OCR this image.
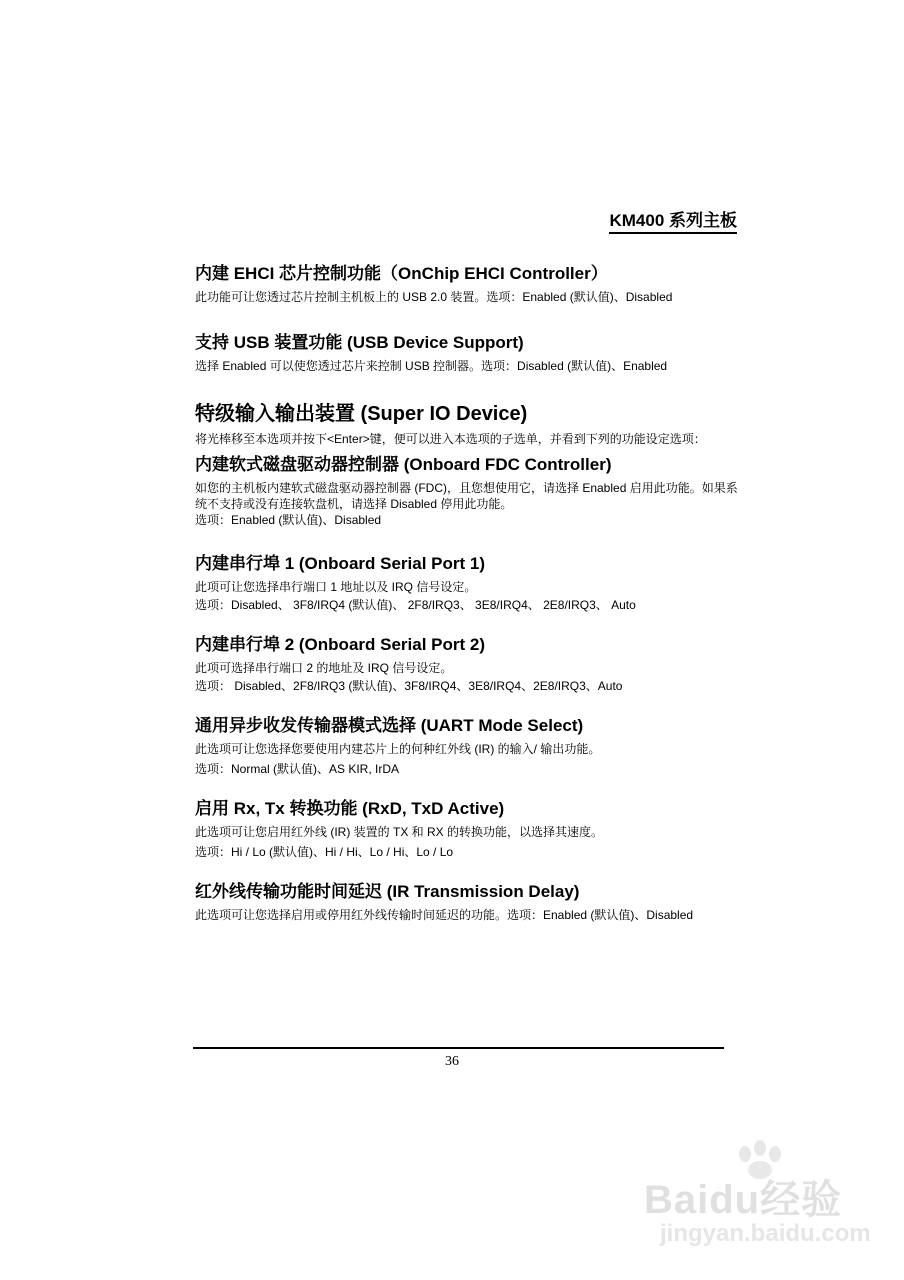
KM400 系列主板
内建 EHCI 芯片控制功能（OnChip EHCI Controller）

此功能可让您透过芯片控制主机板上的 USB 2.0 装置。选项：Enabled (默认值)、Disabled

支持 USB 装置功能 (USB Device Support)

选择 Enabled 可以使您透过芯片来控制 USB 控制器。选项：Disabled (默认值)、Enabled

特级输入输出装置 (Super IO Device)

将光棒移至本选项并按下<Enter>键，便可以进入本选项的子选单，并看到下列的功能设定选项：

内建软式磁盘驱动器控制器 (Onboard FDC Controller)

如您的主机板内建软式磁盘驱动器控制器 (FDC)，且您想使用它，请选择 Enabled 启用此功能。如果系统不支持或没有连接软盘机，请选择 Disabled 停用此功能。

选项：Enabled (默认值)、Disabled

内建串行埠 1 (Onboard Serial Port 1)

此项可让您选择串行端口 1 地址以及 IRQ 信号设定。

选项：Disabled、 3F8/IRQ4 (默认值)、 2F8/IRQ3、 3E8/IRQ4、 2E8/IRQ3、 Auto

内建串行埠 2 (Onboard Serial Port 2)

此项可选择串行端口 2 的地址及 IRQ 信号设定。

选项： Disabled、2F8/IRQ3 (默认值)、3F8/IRQ4、3E8/IRQ4、2E8/IRQ3、Auto

通用异步收发传输器模式选择 (UART Mode Select)

此选项可让您选择您要使用内建芯片上的何种红外线 (IR) 的输入/ 输出功能。

选项：Normal (默认值)、AS KIR, IrDA

启用 Rx, Tx 转换功能 (RxD, TxD Active)

此选项可让您启用红外线 (IR) 装置的 TX 和 RX 的转换功能，以选择其速度。

选项：Hi / Lo (默认值)、Hi / Hi、Lo / Hi、Lo / Lo

红外线传输功能时间延迟 (IR Transmission Delay)

此选项可让您选择启用或停用红外线传输时间延迟的功能。选项：Enabled (默认值)、Disabled

36
Baidu经验
jingyan.baidu.com
